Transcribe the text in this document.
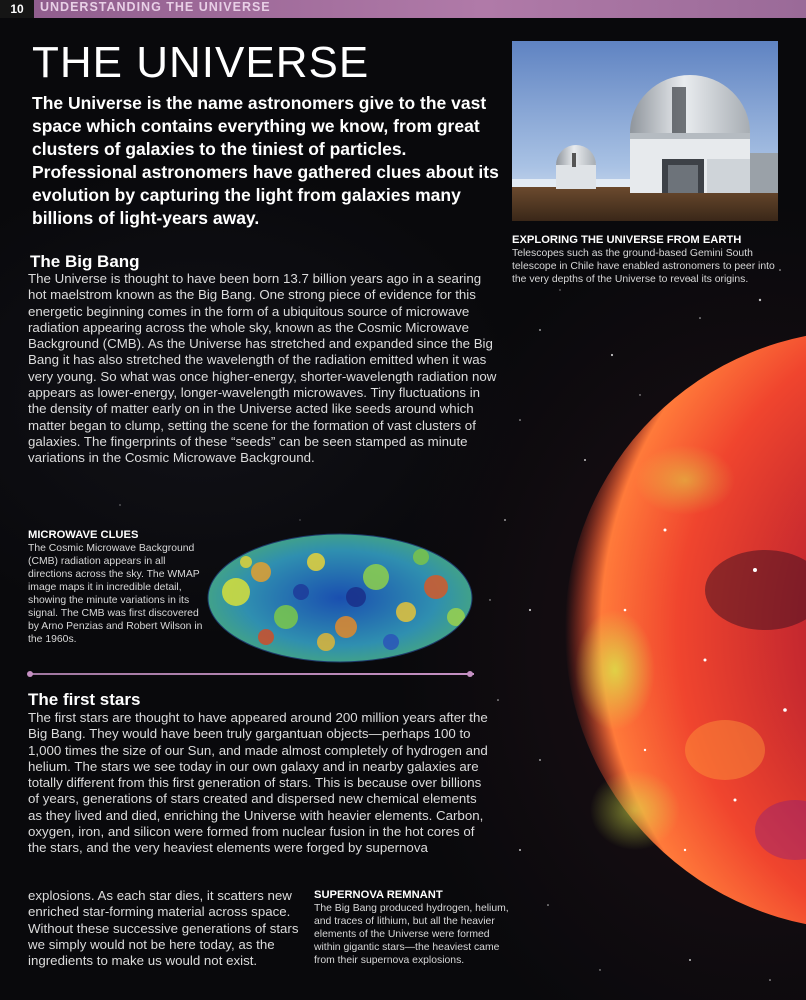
10	UNDERSTANDING THE UNIVERSE
THE UNIVERSE
The Universe is the name astronomers give to the vast space which contains everything we know, from great clusters of galaxies to the tiniest of particles. Professional astronomers have gathered clues about its evolution by capturing the light from galaxies many billions of light-years away.
EXPLORING THE UNIVERSE FROM EARTH
Telescopes such as the ground-based Gemini South telescope in Chile have enabled astronomers to peer into the very depths of the Universe to reveal its origins.
The Big Bang
The Universe is thought to have been born 13.7 billion years ago in a searing hot maelstrom known as the Big Bang. One strong piece of evidence for this energetic beginning comes in the form of a ubiquitous source of microwave radiation appearing across the whole sky, known as the Cosmic Microwave Background (CMB). As the Universe has stretched and expanded since the Big Bang it has also stretched the wavelength of the radiation emitted when it was very young. So what was once higher-energy, shorter-wavelength radiation now appears as lower-energy, longer-wavelength microwaves. Tiny fluctuations in the density of matter early on in the Universe acted like seeds around which matter began to clump, setting the scene for the formation of vast clusters of galaxies. The fingerprints of these “seeds” can be seen stamped as minute variations in the Cosmic Microwave Background.
MICROWAVE CLUES
The Cosmic Microwave Background (CMB) radiation appears in all directions across the sky. The WMAP image maps it in incredible detail, showing the minute variations in its signal. The CMB was first discovered by Arno Penzias and Robert Wilson in the 1960s.
The first stars
The first stars are thought to have appeared around 200 million years after the Big Bang. They would have been truly gargantuan objects—perhaps 100 to 1,000 times the size of our Sun, and made almost completely of hydrogen and helium. The stars we see today in our own galaxy and in nearby galaxies are totally different from this first generation of stars. This is because over billions of years, generations of stars created and dispersed new chemical elements as they lived and died, enriching the Universe with heavier elements. Carbon, oxygen, iron, and silicon were formed from nuclear fusion in the hot cores of the stars, and the very heaviest elements were forged by supernova
explosions. As each star dies, it scatters new enriched star-forming material across space. Without these successive generations of stars we simply would not be here today, as the ingredients to make us would not exist.
SUPERNOVA REMNANT
The Big Bang produced hydrogen, helium, and traces of lithium, but all the heavier elements of the Universe were formed within gigantic stars—the heaviest came from their supernova explosions.
